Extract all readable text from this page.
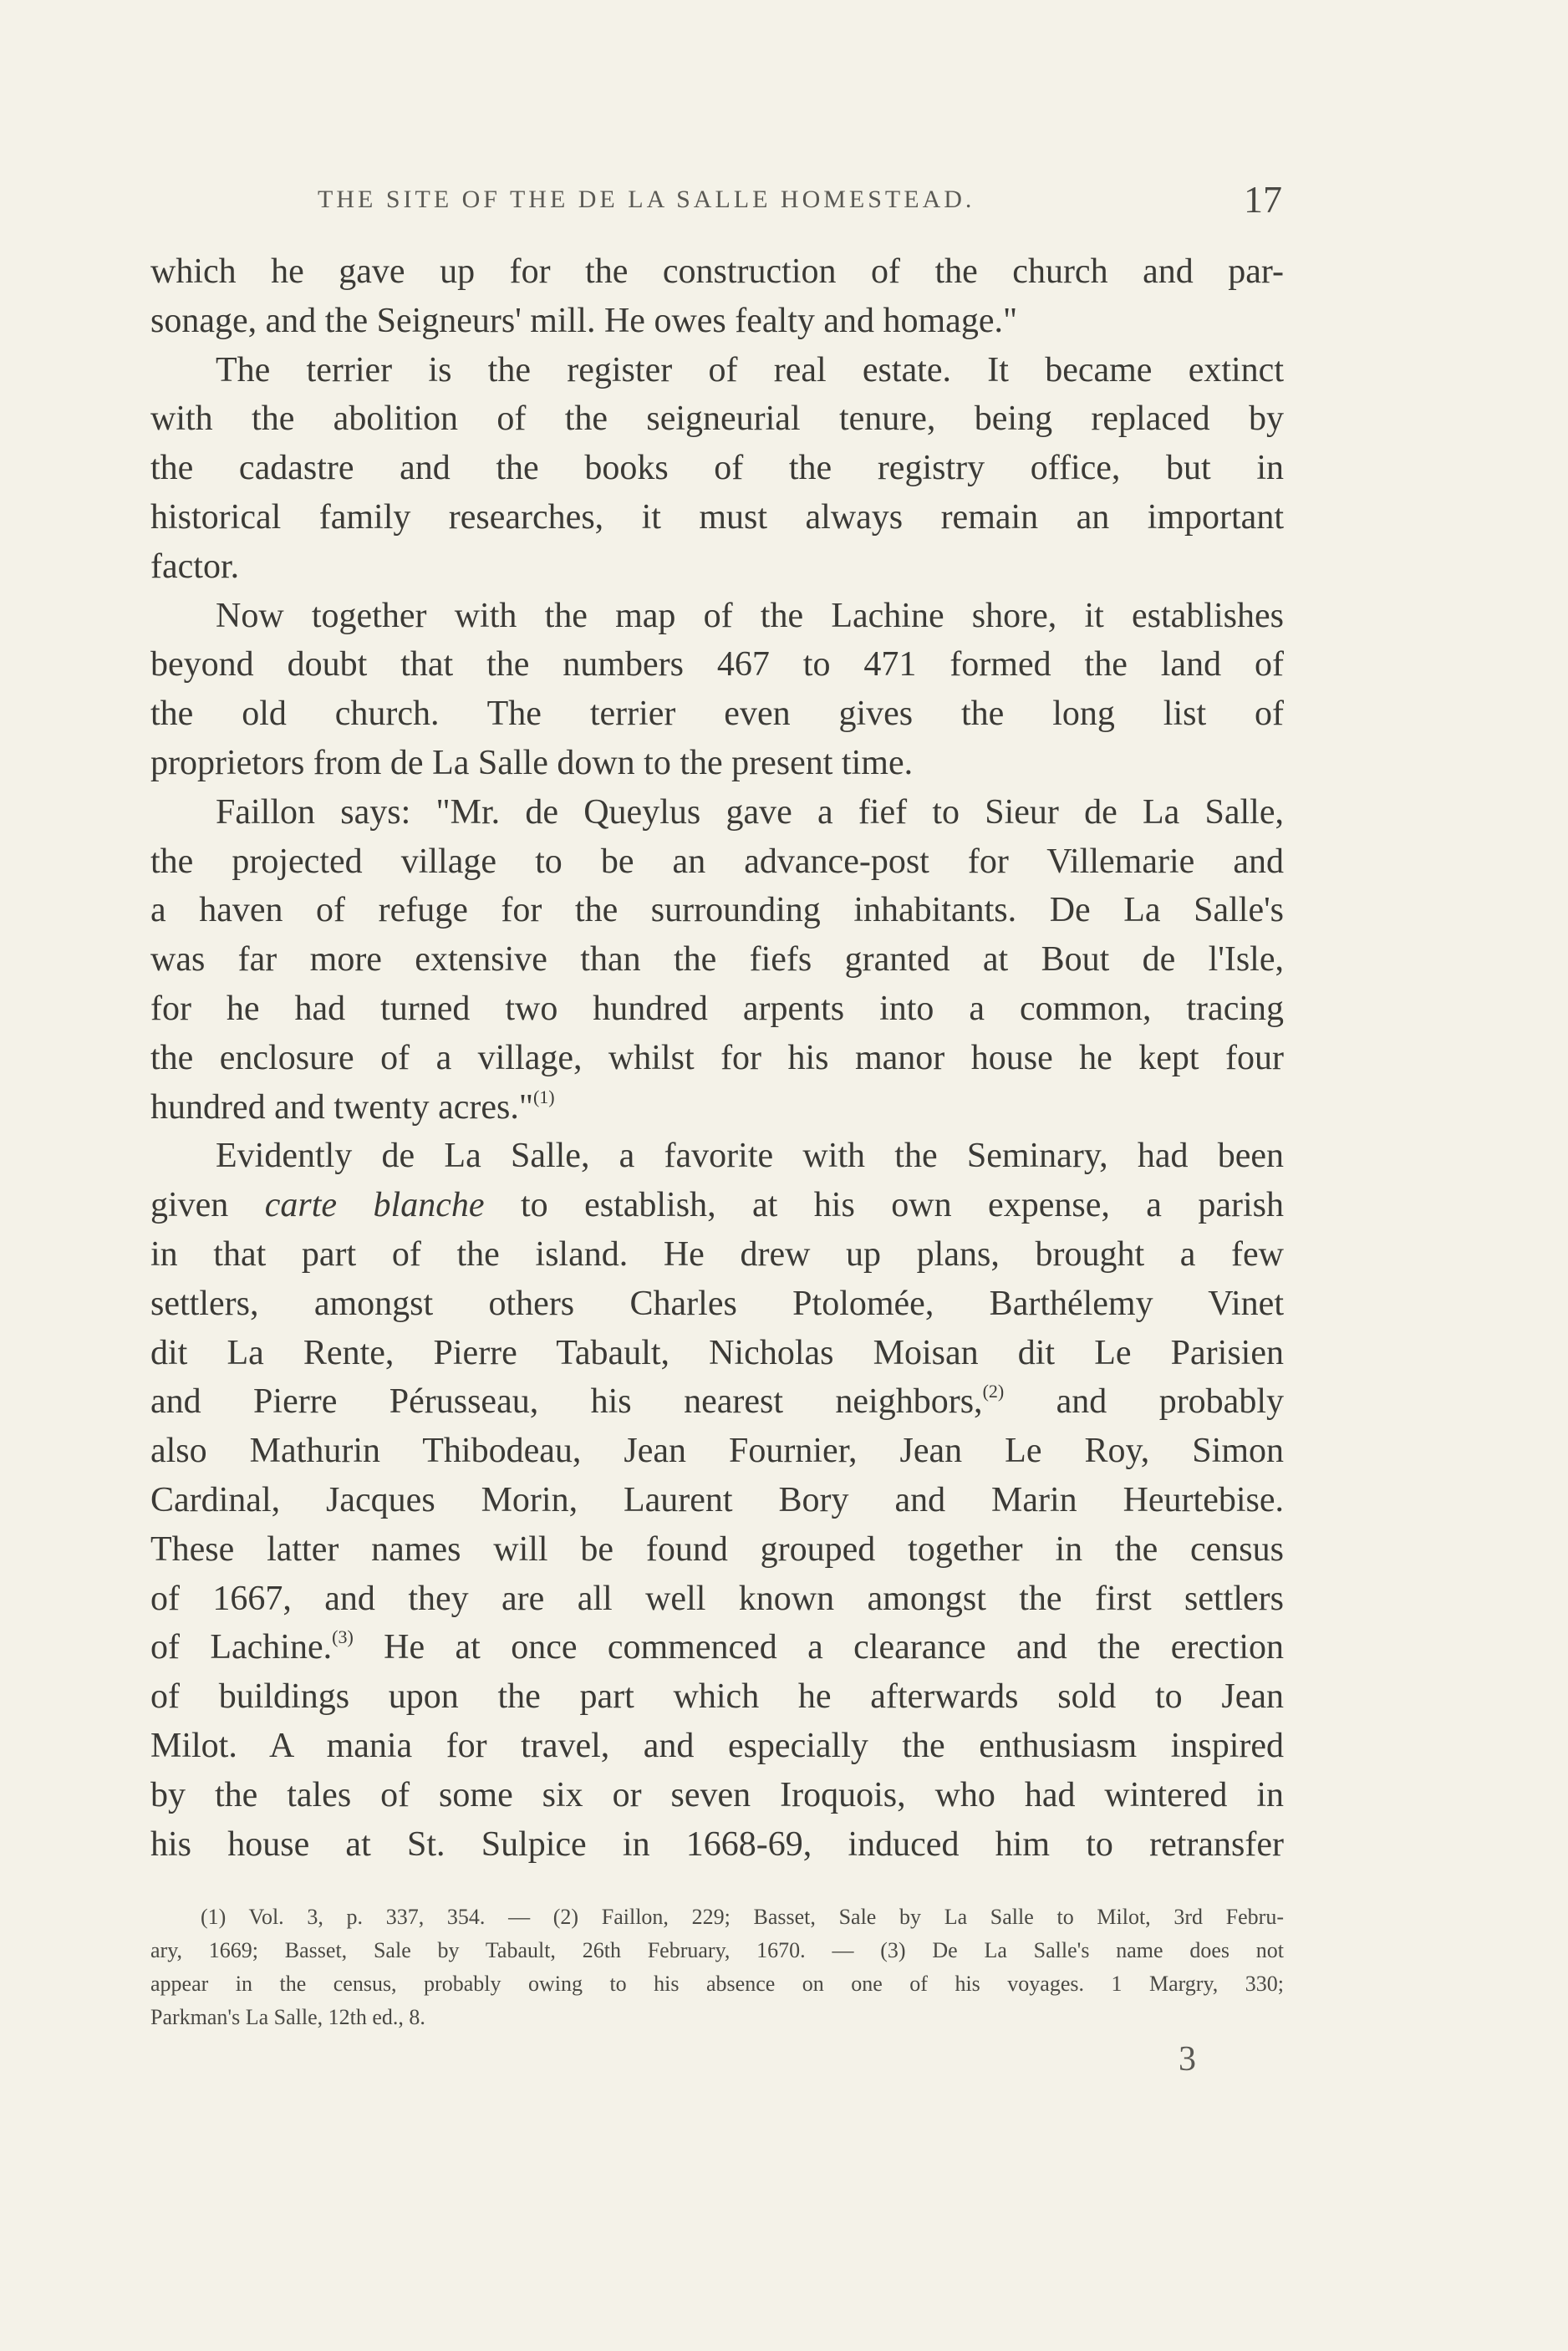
THE SITE OF THE DE LA SALLE HOMESTEAD.	17
which he gave up for the construction of the church and par-
sonage, and the Seigneurs' mill. He owes fealty and homage."
The terrier is the register of real estate. It became extinct
with the abolition of the seigneurial tenure, being replaced by
the cadastre and the books of the registry office, but in
historical family researches, it must always remain an important
factor.
Now together with the map of the Lachine shore, it establishes
beyond doubt that the numbers 467 to 471 formed the land of
the old church. The terrier even gives the long list of
proprietors from de La Salle down to the present time.
Faillon says: "Mr. de Queylus gave a fief to Sieur de La Salle,
the projected village to be an advance-post for Villemarie and
a haven of refuge for the surrounding inhabitants. De La Salle's
was far more extensive than the fiefs granted at Bout de l'Isle,
for he had turned two hundred arpents into a common, tracing
the enclosure of a village, whilst for his manor house he kept four
hundred and twenty acres."$^{(1)}$
Evidently de La Salle, a favorite with the Seminary, had been
given carte blanche to establish, at his own expense, a parish
in that part of the island. He drew up plans, brought a few
settlers, amongst others Charles Ptolomée, Barthélemy Vinet
dit La Rente, Pierre Tabault, Nicholas Moisan dit Le Parisien
and Pierre Pérusseau, his nearest neighbors,$^{(2)}$ and probably
also Mathurin Thibodeau, Jean Fournier, Jean Le Roy, Simon
Cardinal, Jacques Morin, Laurent Bory and Marin Heurtebise.
These latter names will be found grouped together in the census
of 1667, and they are all well known amongst the first settlers
of Lachine.$^{(3)}$ He at once commenced a clearance and the erection
of buildings upon the part which he afterwards sold to Jean
Milot. A mania for travel, and especially the enthusiasm inspired
by the tales of some six or seven Iroquois, who had wintered in
his house at St. Sulpice in 1668-69, induced him to retransfer
(1) Vol. 3, p. 337, 354. — (2) Faillon, 229; Basset, Sale by La Salle to Milot, 3rd Febru-
ary, 1669; Basset, Sale by Tabault, 26th February, 1670. — (3) De La Salle's name does not
appear in the census, probably owing to his absence on one of his voyages. 1 Margry, 330;
Parkman's La Salle, 12th ed., 8.
3
